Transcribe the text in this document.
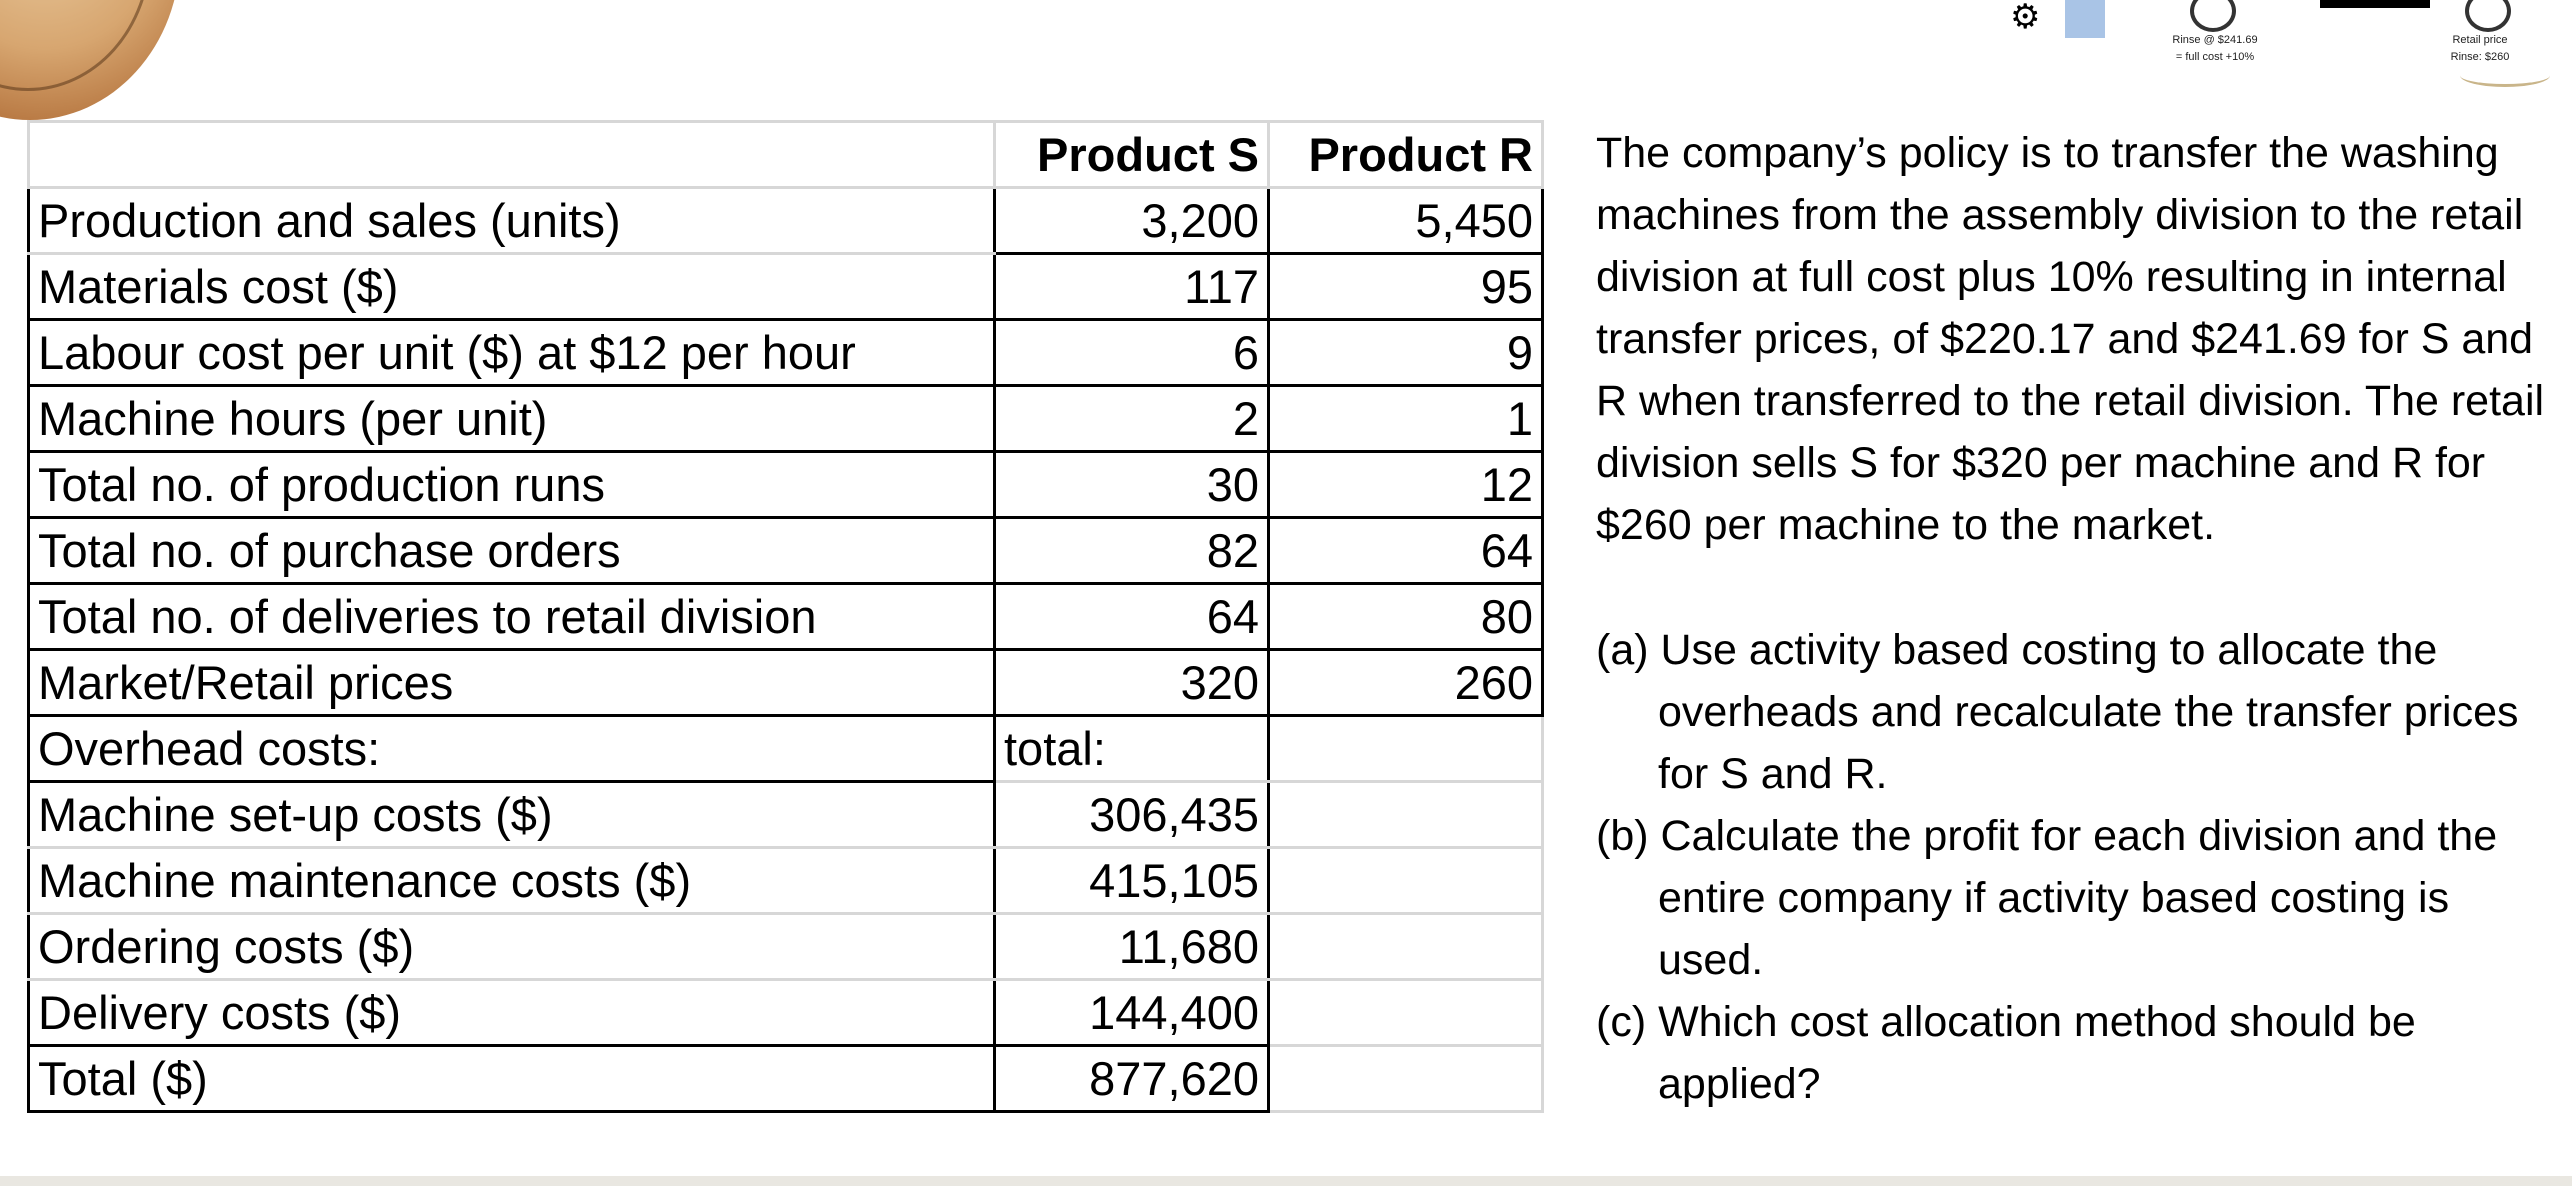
⚙
Rinse @ $241.69
= full cost +10%
Retail price
Rinse: $260
	Product S	Product R
Production and sales (units)	3,200	5,450
Materials cost ($)	117	95
Labour cost per unit ($) at $12 per hour	6	9
Machine hours (per unit)	2	1
Total no. of production runs	30	12
Total no. of purchase orders	82	64
Total no. of deliveries to retail division	64	80
Market/Retail prices	320	260
Overhead costs:	total:	
Machine set-up costs ($)	306,435	
Machine maintenance costs ($)	415,105	
Ordering costs ($)	11,680	
Delivery costs ($)	144,400	
Total ($)	877,620	

The company’s policy is to transfer the washing machines from the assembly division to the retail division at full cost plus 10% resulting in internal transfer prices, of $220.17 and $241.69 for S and R when transferred to the retail division. The retail division sells S for $320 per machine and R for $260 per machine to the market.

(a) Use activity based costing to allocate the overheads and recalculate the transfer prices for S and R.

(b) Calculate the profit for each division and the entire company if activity based costing is used.

(c) Which cost allocation method should be applied?
